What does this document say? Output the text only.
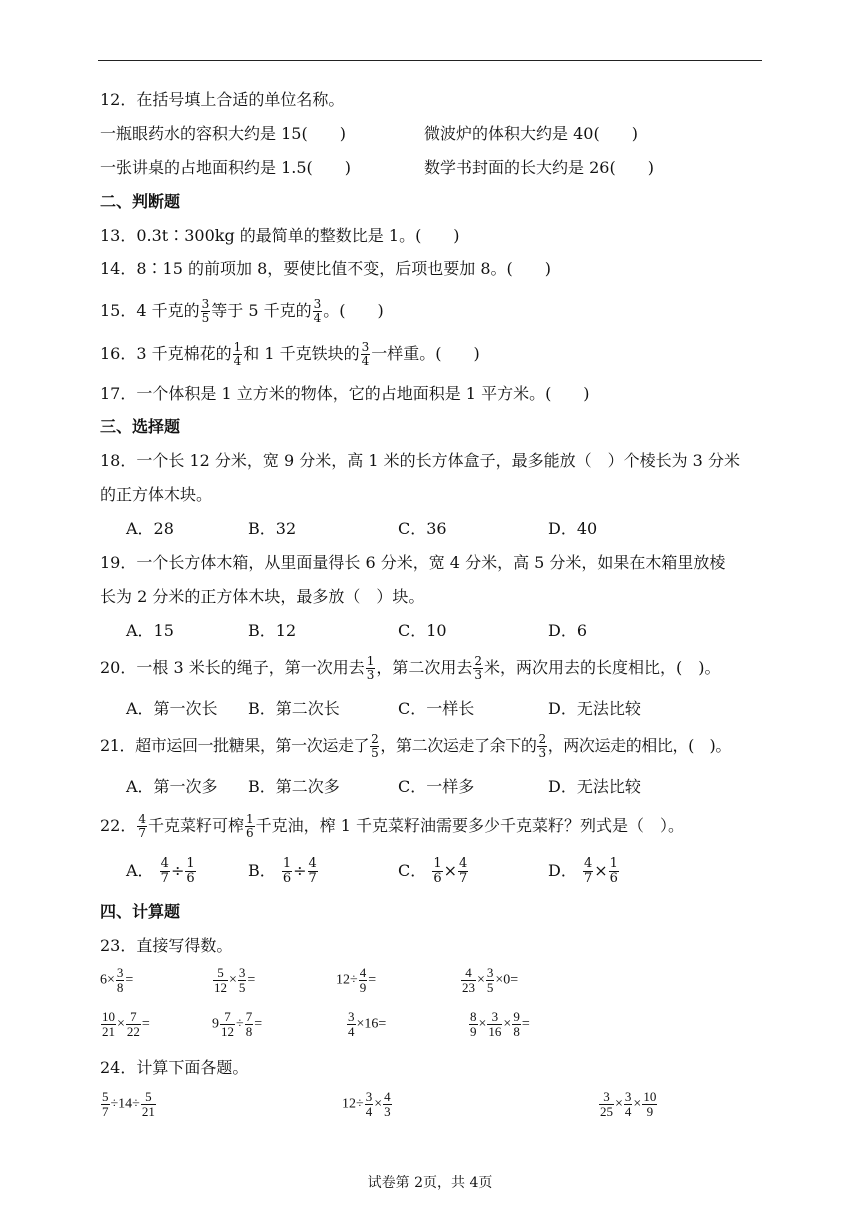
12．在括号填上合适的单位名称。
一瓶眼药水的容积大约是 15(　　)	微波炉的体积大约是 40(　　)
一张讲桌的占地面积约是 1.5(　　)	数学书封面的长大约是 26(　　)
二、判断题
13．0.3t∶300kg 的最简单的整数比是 1。(　　)
14．8∶15 的前项加 8，要使比值不变，后项也要加 8。(　　)
15．4 千克的 $\frac{3}{5}$ 等于 5 千克的 $\frac{3}{4}$ 。(　　)
16．3 千克棉花的 $\frac{1}{4}$ 和 1 千克铁块的 $\frac{3}{4}$ 一样重。(　　)
17．一个体积是 1 立方米的物体，它的占地面积是 1 平方米。(　　)
三、选择题
18．一个长 12 分米，宽 9 分米，高 1 米的长方体盒子，最多能放（　）个棱长为 3 分米
的正方体木块。
A．28	B．32	C．36	D．40
19．一个长方体木箱，从里面量得长 6 分米，宽 4 分米，高 5 分米，如果在木箱里放棱
长为 2 分米的正方体木块，最多放（　）块。
A．15	B．12	C．10	D．6
20．一根 3 米长的绳子，第一次用去 $\frac{1}{3}$ ，第二次用去 $\frac{2}{3}$ 米，两次用去的长度相比，(　)。
A．第一次长 B．第二次长	C．一样长	D．无法比较
21．超市运回一批糖果，第一次运走了 $\frac{2}{5}$ ，第二次运走了余下的 $\frac{2}{3}$ ，两次运走的相比，(　)。
A．第一次多 B．第二次多	C．一样多	D．无法比较
22． $\frac{4}{7}$ 千克菜籽可榨 $\frac{1}{6}$ 千克油，榨 1 千克菜籽油需要多少千克菜籽？列式是（　）。
A． $\frac{4}{7} \div \frac{1}{6}$	B． $\frac{1}{6} \div \frac{4}{7}$	C． $\frac{1}{6} \times \frac{4}{7}$	D． $\frac{4}{7} \times \frac{1}{6}$
四、计算题
23．直接写得数。
$6\times \frac{3}{8}$ =	$\frac{5}{12} \times \frac{3}{5}$ =	$12\div \frac{4}{9}$ =	$\frac{4}{23} \times \frac{3}{5} \times 0=$
$\frac{10}{21} \times \frac{7}{22}$ =	$9 \frac{7}{12} \div \frac{7}{8}$ =	$\frac{3}{4} \times 16=$	$\frac{8}{9} \times \frac{3}{16} \times \frac{9}{8}$ =
24．计算下面各题。
$\frac{5}{7} \div 14\div \frac{5}{21}$	$12\div \frac{3}{4} \times \frac{4}{3}$	$\frac{3}{25} \times \frac{3}{4} \times \frac{10}{9}$
试卷第 2页，共 4页
